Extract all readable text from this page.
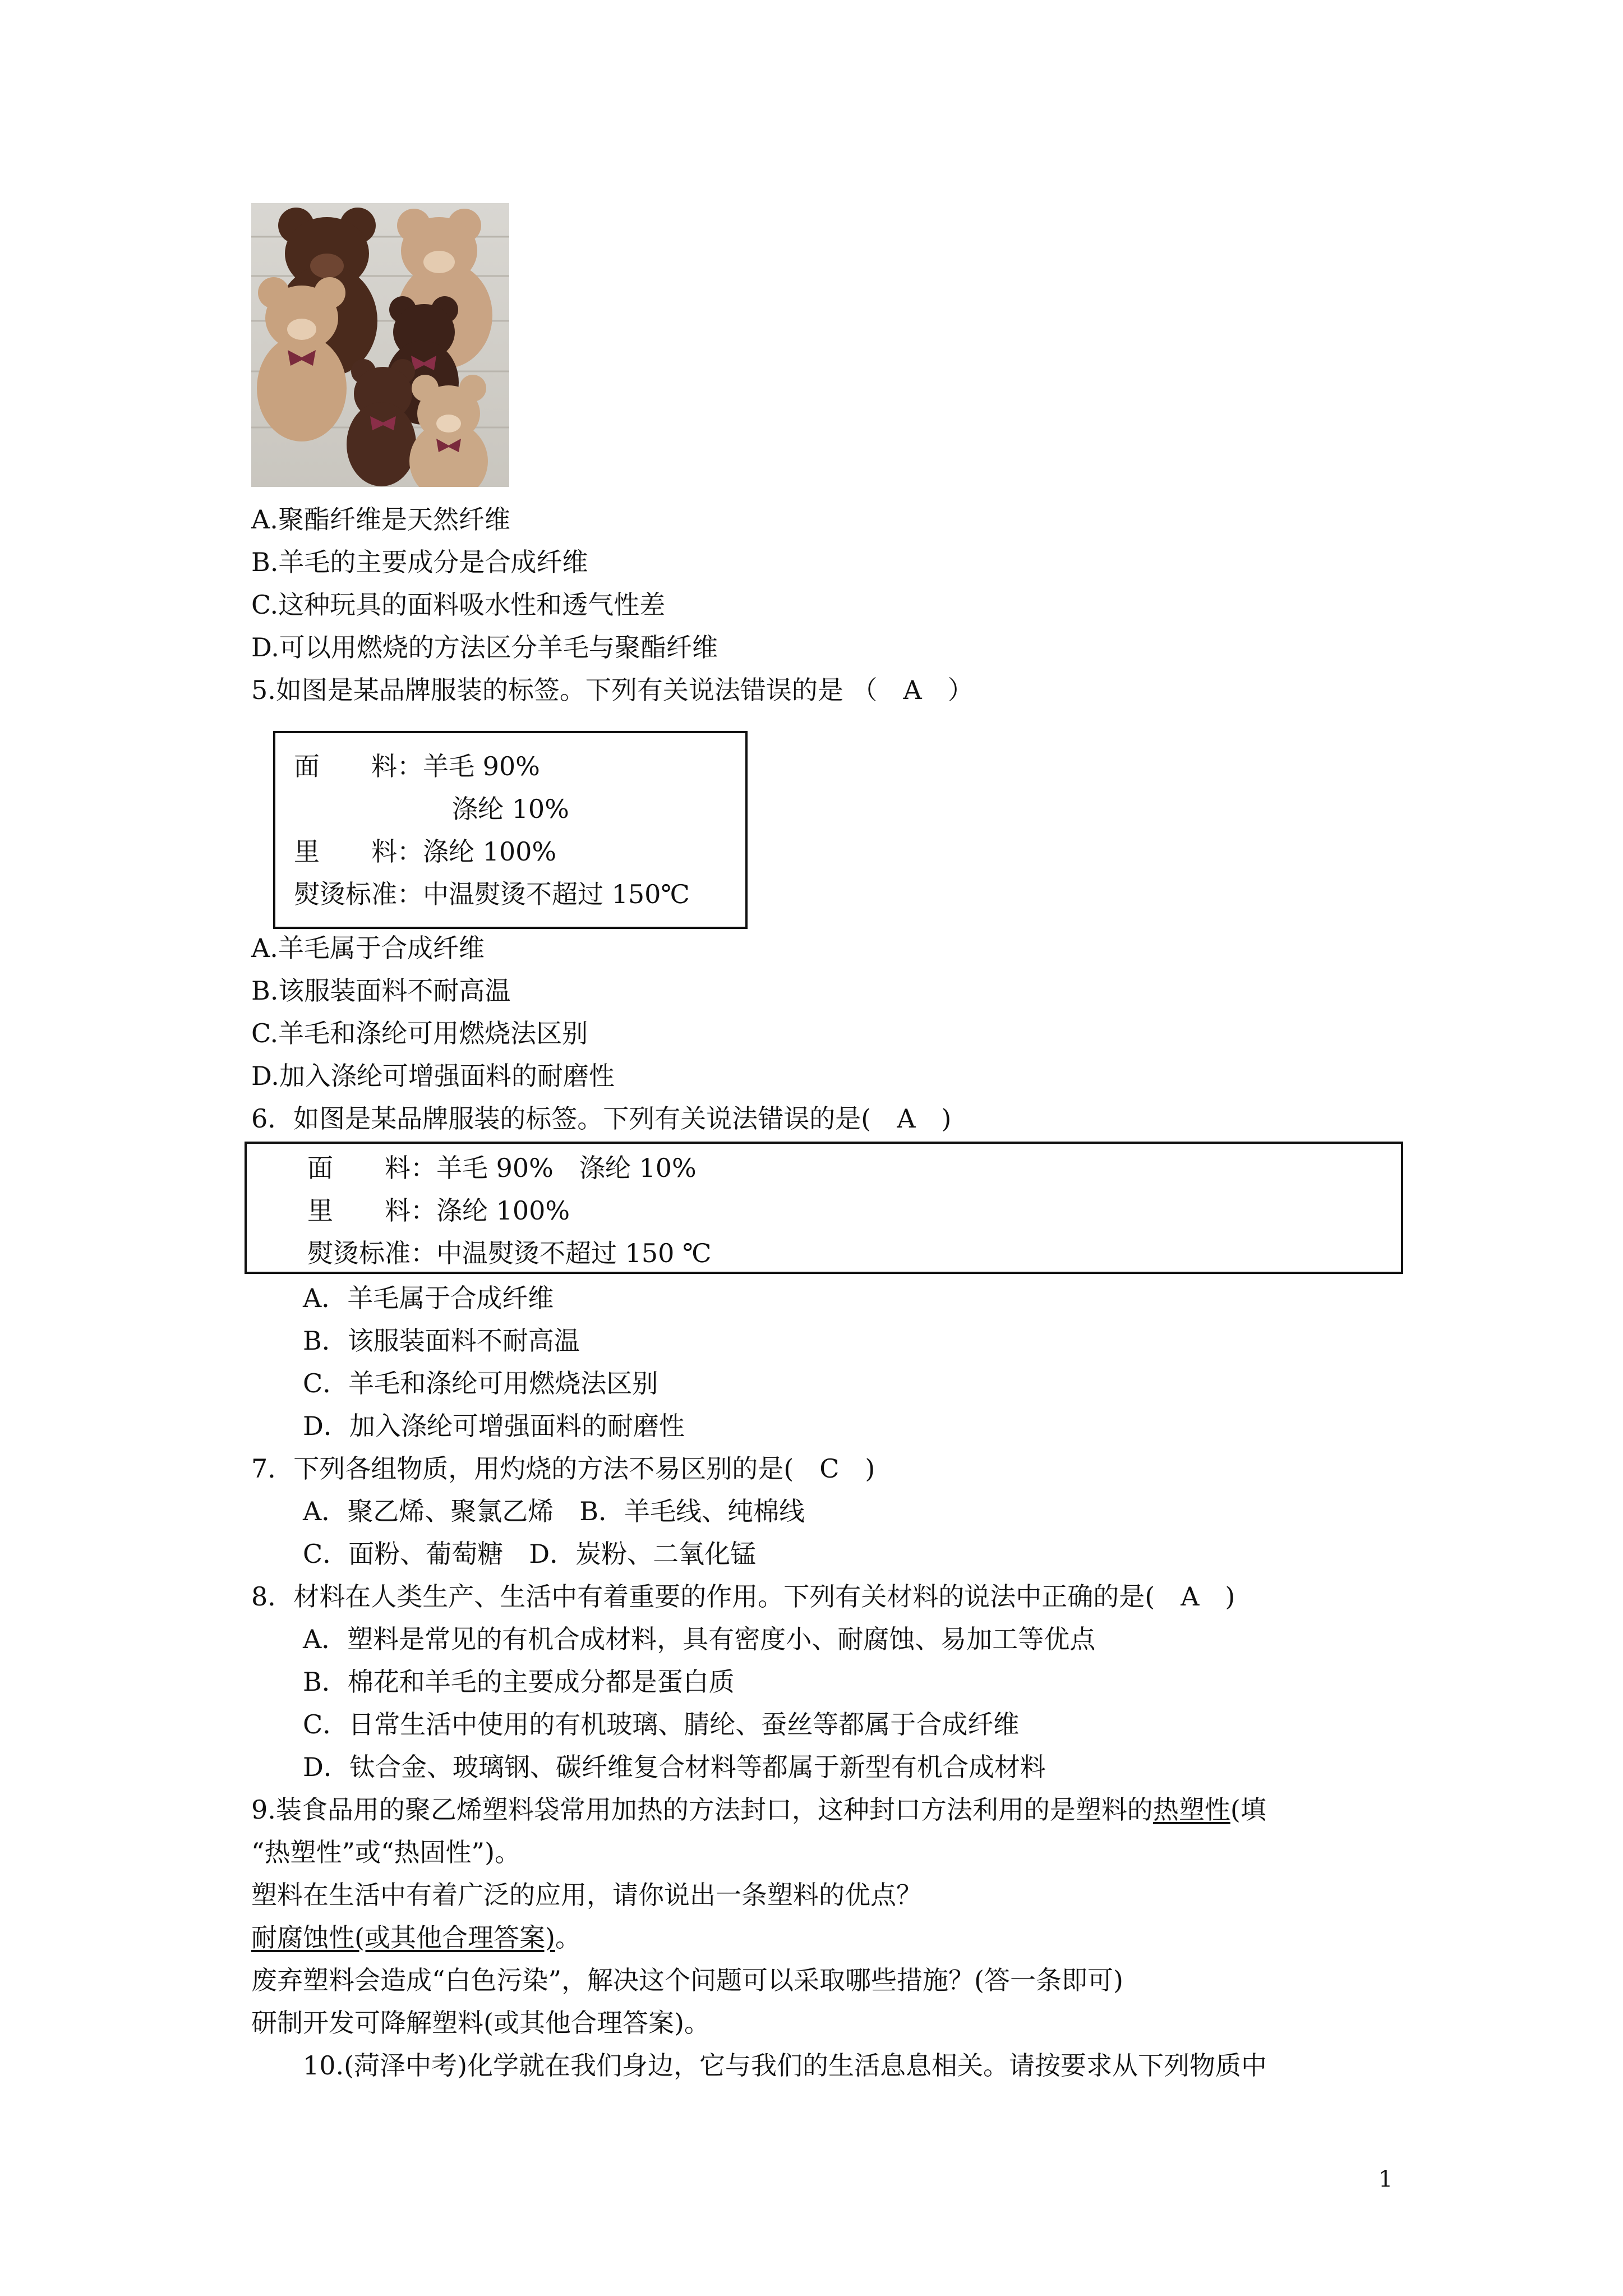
A.聚酯纤维是天然纤维
B.羊毛的主要成分是合成纤维
C.这种玩具的面料吸水性和透气性差
D.可以用燃烧的方法区分羊毛与聚酯纤维
5.如图是某品牌服装的标签。下列有关说法错误的是 （　A　）
面　　料：羊毛 90%
涤纶 10%
里　　料：涤纶 100%
熨烫标准：中温熨烫不超过 150℃
A.羊毛属于合成纤维
B.该服装面料不耐高温
C.羊毛和涤纶可用燃烧法区别
D.加入涤纶可增强面料的耐磨性
6．如图是某品牌服装的标签。下列有关说法错误的是(　A　)
面　　料：羊毛 90%　涤纶 10%
里　　料：涤纶 100%
熨烫标准：中温熨烫不超过 150 ℃
A．羊毛属于合成纤维
B．该服装面料不耐高温
C．羊毛和涤纶可用燃烧法区别
D．加入涤纶可增强面料的耐磨性
7．下列各组物质，用灼烧的方法不易区别的是(　C　)
A．聚乙烯、聚氯乙烯　B．羊毛线、纯棉线
C．面粉、葡萄糖　D．炭粉、二氧化锰
8．材料在人类生产、生活中有着重要的作用。下列有关材料的说法中正确的是(　A　)
A．塑料是常见的有机合成材料，具有密度小、耐腐蚀、易加工等优点
B．棉花和羊毛的主要成分都是蛋白质
C．日常生活中使用的有机玻璃、腈纶、蚕丝等都属于合成纤维
D．钛合金、玻璃钢、碳纤维复合材料等都属于新型有机合成材料
9.装食品用的聚乙烯塑料袋常用加热的方法封口，这种封口方法利用的是塑料的热塑性(填
“热塑性”或“热固性”)。
塑料在生活中有着广泛的应用，请你说出一条塑料的优点？
耐腐蚀性(或其他合理答案)。
废弃塑料会造成“白色污染”，解决这个问题可以采取哪些措施？(答一条即可)
研制开发可降解塑料(或其他合理答案)。
10.(菏泽中考)化学就在我们身边，它与我们的生活息息相关。请按要求从下列物质中
1
